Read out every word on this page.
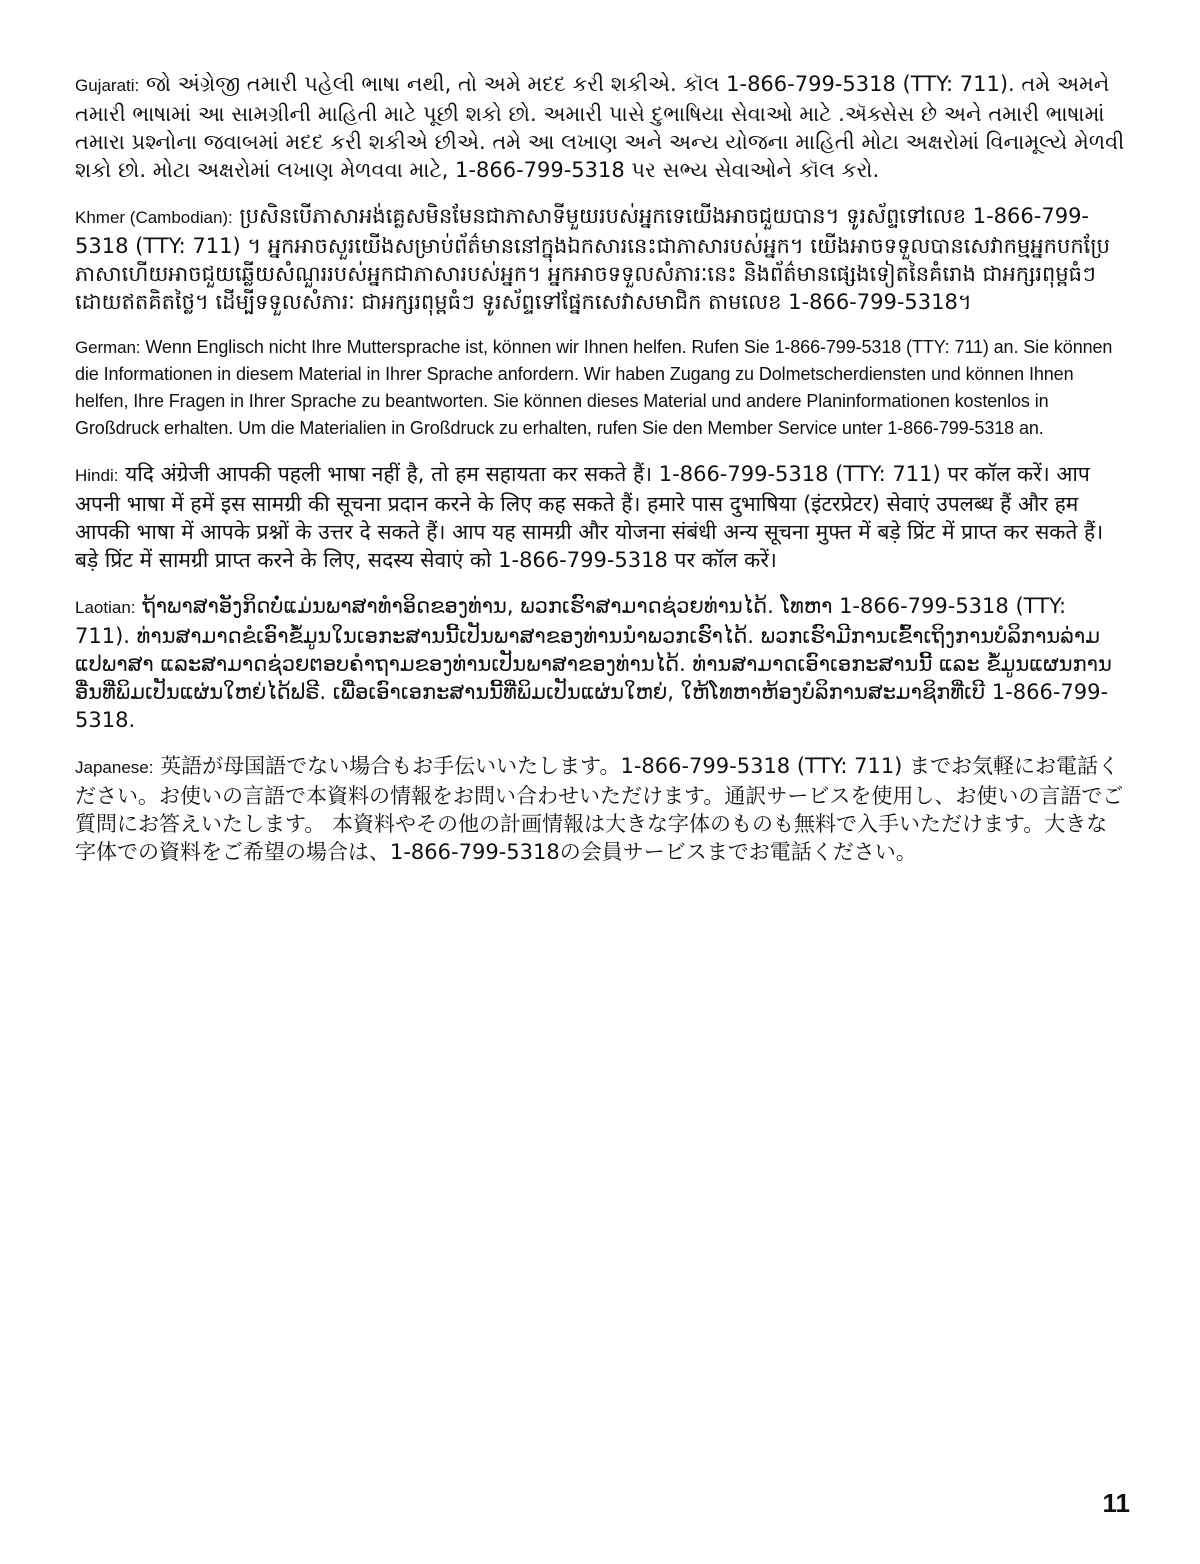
Gujarati: જો અંગ્રેજી તમારી પહેલી ભાષા નથી, તો અમે મદદ કરી શકીએ. કૉલ 1-866-799-5318 (TTY: 711). તમે અમને તમારી ભાષામાં આ સામગ્રીની માહિતી માટે પૂછી શકો છો. અમારી પાસે દુભાષિયા સેવાઓ માટે .ઍક્સેસ છે અને તમારી ભાષામાં તમારા પ્રશ્નોના જવાબમાં મદદ કરી શકીએ છીએ. તમે આ લખાણ અને અન્ય યોજના માહિતી મોટા અક્ષરોમાં વિનામૂલ્યે મેળવી શકો છો. મોટા અક્ષરોમાં લખાણ મેળવવા માટે, 1-866-799-5318 પર સભ્ય સેવાઓને કૉલ કરો.

Khmer (Cambodian): ប្រសិនបើភាសាអង់គ្លេសមិនមែនជាភាសាទីមួយរបស់អ្នកទេយើងអាចជួយបាន។ ទូរស័ព្ទទៅលេខ 1-866-799-5318 (TTY: 711) ។ អ្នកអាចសួរយើងសម្រាប់ព័ត៌មាននៅក្នុងឯកសារនេះជាភាសារបស់អ្នក។ យើងអាចទទួលបានសេវាកម្មអ្នកបកប្រែភាសាហើយអាចជួយឆ្លើយសំណួររបស់អ្នកជាភាសារបស់អ្នក។ អ្នកអាចទទួលសំភារៈនេះ និងព័ត៌មានផ្សេងទៀតនៃគំរោង ជាអក្សរពុម្ពធំៗ ដោយឥតគិតថ្លៃ។ ដើម្បីទទួលសំភារៈ ជាអក្សរពុម្ពធំៗ ទូរស័ព្ទទៅផ្នែកសេវាសមាជិក តាមលេខ 1-866-799-5318។

German: Wenn Englisch nicht Ihre Muttersprache ist, können wir Ihnen helfen. Rufen Sie 1-866-799-5318 (TTY: 711) an. Sie können die Informationen in diesem Material in Ihrer Sprache anfordern. Wir haben Zugang zu Dolmetscherdiensten und können Ihnen helfen, Ihre Fragen in Ihrer Sprache zu beantworten. Sie können dieses Material und andere Planinformationen kostenlos in Großdruck erhalten. Um die Materialien in Großdruck zu erhalten, rufen Sie den Member Service unter 1-866-799-5318 an.

Hindi: यदि अंग्रेजी आपकी पहली भाषा नहीं है, तो हम सहायता कर सकते हैं। 1-866-799-5318 (TTY: 711) पर कॉल करें। आप अपनी भाषा में हमें इस सामग्री की सूचना प्रदान करने के लिए कह सकते हैं। हमारे पास दुभाषिया (इंटरप्रेटर) सेवाएं उपलब्ध हैं और हम आपकी भाषा में आपके प्रश्नों के उत्तर दे सकते हैं। आप यह सामग्री और योजना संबंधी अन्य सूचना मुफ्त में बड़े प्रिंट में प्राप्त कर सकते हैं। बड़े प्रिंट में सामग्री प्राप्त करने के लिए, सदस्य सेवाएं को 1-866-799-5318 पर कॉल करें।

Laotian: ຖ້າພາສາອັງກິດບໍ່ແມ່ນພາສາທຳອິດຂອງທ່ານ, ພວກເຮົາສາມາດຊ່ວຍທ່ານໄດ້. ໂທຫາ 1-866-799-5318 (TTY: 711). ທ່ານສາມາດຂໍເອົາຂໍ້ມູນໃນເອກະສານນີ້ເປັນພາສາຂອງທ່ານນຳພວກເຮົາໄດ້. ພວກເຮົາມີການເຂົ້າເຖິງການບໍລິການລ່າມແປພາສາ ແລະສາມາດຊ່ວຍຕອບຄຳຖາມຂອງທ່ານເປັນພາສາຂອງທ່ານໄດ້. ທ່ານສາມາດເອົາເອກະສານນີ້ ແລະ ຂໍ້ມູນແຜນການອື່ນທີ່ພິມເປັນແຜ່ນໃຫຍ່ໄດ້ຟຣີ. ເພື່ອເອົາເອກະສານນີ້ທີ່ພິມເປັນແຜ່ນໃຫຍ່, ໃຫ້ໂທຫາຫ້ອງບໍລິການສະມາຊິກທີ່ເບີ 1-866-799-5318.

Japanese: 英語が母国語でない場合もお手伝いいたします。1-866-799-5318 (TTY: 711) までお気軽にお電話ください。お使いの言語で本資料の情報をお問い合わせいただけます。通訳サービスを使用し、お使いの言語でご質問にお答えいたします。 本資料やその他の計画情報は大きな字体のものも無料で入手いただけます。大きな字体での資料をご希望の場合は、1-866-799-5318の会員サービスまでお電話ください。

11
